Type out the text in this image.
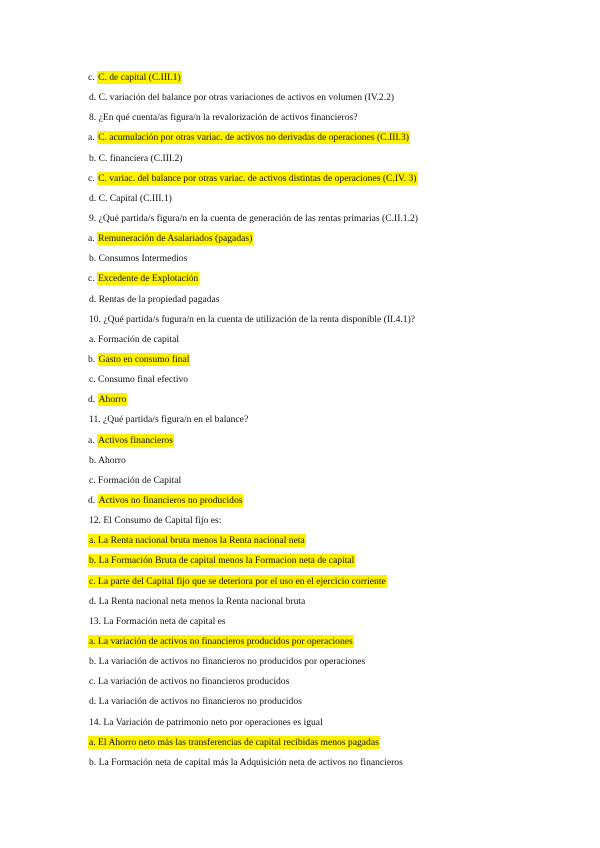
c. C. de capital (C.III.1)
d. C. variación del balance por otras variaciones de activos en volumen (IV.2.2)
8. ¿En qué cuenta/as figura/n la revalorización de activos financieros?
a. C. acumulación por otras variac. de activos no derivadas de operaciones (C.III.3)
b. C. financiera (C.III.2)
c. C. variac. del balance por otras variac. de activos distintas de operaciones (C.IV. 3)
d. C. Capital (C.III.1)
9. ¿Qué partida/s figura/n en la cuenta de generación de las rentas primarias (C.II.1.2)
a. Remuneración de Asalariados (pagadas)
b. Consumos Intermedios
c. Excedente de Explotación
d. Rentas de la propiedad pagadas
10. ¿Qué partida/s fugura/n en la cuenta de utilización de la renta disponible (II.4.1)?
a. Formación de capital
b. Gasto en consumo final
c. Consumo final efectivo
d. Ahorro
11. ¿Qué partida/s figura/n en el balance?
a. Activos financieros
b. Ahorro
c. Formación de Capital
d. Activos no financieros no producidos
12. El Consumo de Capital fijo es:
a. La Renta nacional bruta menos la Renta nacional neta
b. La Formación Bruta de capital menos la Formacion neta de capital
c. La parte del Capital fijo que se deteriora por el uso en el ejercicio corriente
d. La Renta nacional neta menos la Renta nacional bruta
13. La Formación neta de capital es
a. La variación de activos no financieros producidos por operaciones
b. La variación de activos no financieros no producidos por operaciones
c. La variación de activos no financieros producidos
d. La variación de activos no financieros no producidos
14. La Variación de patrimonio neto por operaciones es igual
a. El Ahorro neto más las transferencias de capital recibidas menos pagadas
b. La Formación neta de capital más la Adquisición neta de activos no financieros
